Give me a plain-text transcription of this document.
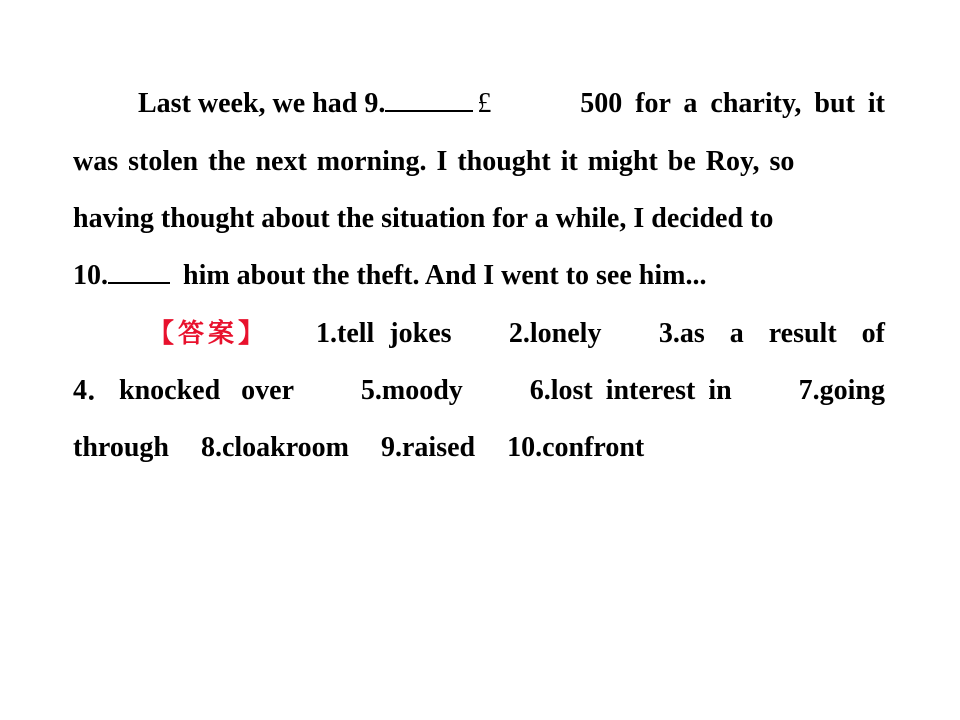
Last week, we had 9.	£	500 for a charity, but it
was stolen the next morning. I thought it might be Roy, so
having thought about the situation for a while, I decided to
10. him about the theft. And I went to see him...
【答案】 1.tell jokes 2.lonely 3.as a result of
4． knocked over 5.moody 6.lost interest in 7.going
through 8.cloakroom 9.raised 10.confront
